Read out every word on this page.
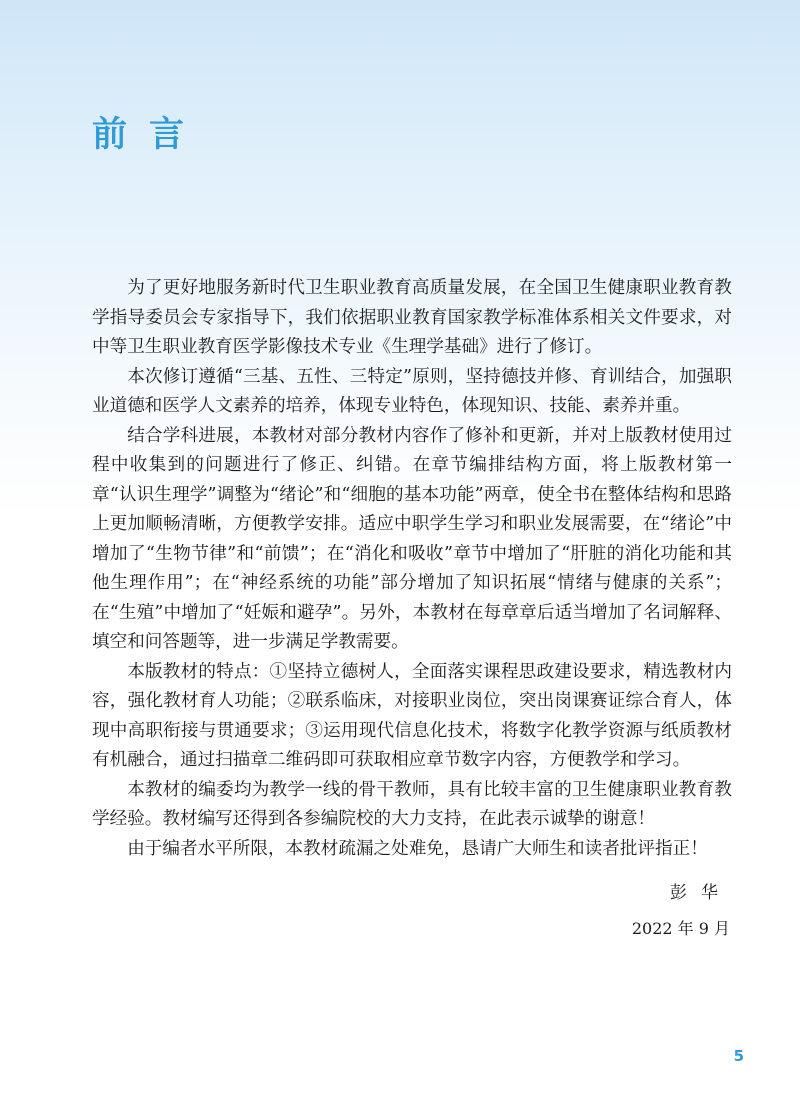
前言

为了更好地服务新时代卫生职业教育高质量发展，在全国卫生健康职业教育教学指导委员会专家指导下，我们依据职业教育国家教学标准体系相关文件要求，对中等卫生职业教育医学影像技术专业《生理学基础》进行了修订。

本次修订遵循“三基、五性、三特定”原则，坚持德技并修、育训结合，加强职业道德和医学人文素养的培养，体现专业特色，体现知识、技能、素养并重。

结合学科进展，本教材对部分教材内容作了修补和更新，并对上版教材使用过程中收集到的问题进行了修正、纠错。在章节编排结构方面，将上版教材第一章“认识生理学”调整为“绪论”和“细胞的基本功能”两章，使全书在整体结构和思路上更加顺畅清晰，方便教学安排。适应中职学生学习和职业发展需要，在“绪论”中增加了“生物节律”和“前馈”；在“消化和吸收”章节中增加了“肝脏的消化功能和其他生理作用”；在“神经系统的功能”部分增加了知识拓展“情绪与健康的关系”；在“生殖”中增加了“妊娠和避孕”。另外，本教材在每章章后适当增加了名词解释、填空和问答题等，进一步满足学教需要。

本版教材的特点：①坚持立德树人，全面落实课程思政建设要求，精选教材内容，强化教材育人功能；②联系临床，对接职业岗位，突出岗课赛证综合育人，体现中高职衔接与贯通要求；③运用现代信息化技术，将数字化教学资源与纸质教材有机融合，通过扫描章二维码即可获取相应章节数字内容，方便教学和学习。

本教材的编委均为教学一线的骨干教师，具有比较丰富的卫生健康职业教育教学经验。教材编写还得到各参编院校的大力支持，在此表示诚挚的谢意！

由于编者水平所限，本教材疏漏之处难免，恳请广大师生和读者批评指正！

彭华
2022 年 9 月
5
